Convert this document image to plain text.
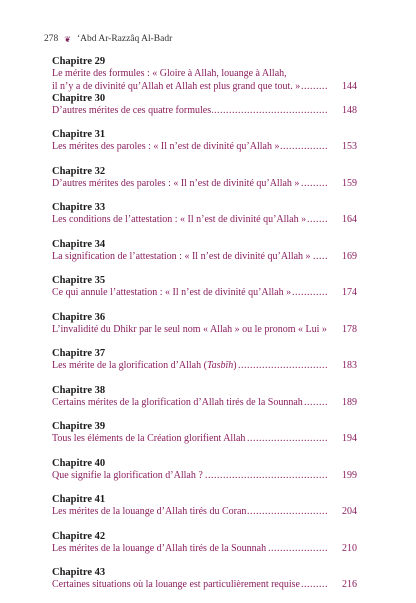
278 ❦ ‘Abd Ar-Razzâq Al-Badr
Chapitre 29
Le mérite des formules : « Gloire à Allah, louange à Allah,
. . . il n’y a de divinité qu’Allah et Allah est plus grand que tout. »	144
Chapitre 30
. . . D’autres mérites de ces quatre formules	148
Chapitre 31
. . . Les mérites des paroles : « Il n’est de divinité qu’Allah »	153
Chapitre 32
. . . D’autres mérites des paroles : « Il n’est de divinité qu’Allah »	159
Chapitre 33
. . . Les conditions de l’attestation : « Il n’est de divinité qu’Allah »	164
Chapitre 34
. . . La signification de l’attestation : « Il n’est de divinité qu’Allah »	169
Chapitre 35
. . . Ce qui annule l’attestation : « Il n’est de divinité qu’Allah »	174
Chapitre 36
. . . L’invalidité du Dhikr par le seul nom « Allah » ou le pronom « Lui » 178
Chapitre 37
. . . Les mérite de la glorification d’Allah (Tasbîh)	183
Chapitre 38
. . . Certains mérites de la glorification d’Allah tirés de la Sounnah	189
Chapitre 39
. . . Tous les éléments de la Création glorifient Allah	194
Chapitre 40
. . . Que signifie la glorification d’Allah ?	199
Chapitre 41
. . . Les mérites de la louange d’Allah tirés du Coran	204
Chapitre 42
. . . Les mérites de la louange d’Allah tirés de la Sounnah	210
Chapitre 43
. . . Certaines situations où la louange est particulièrement requise	216
